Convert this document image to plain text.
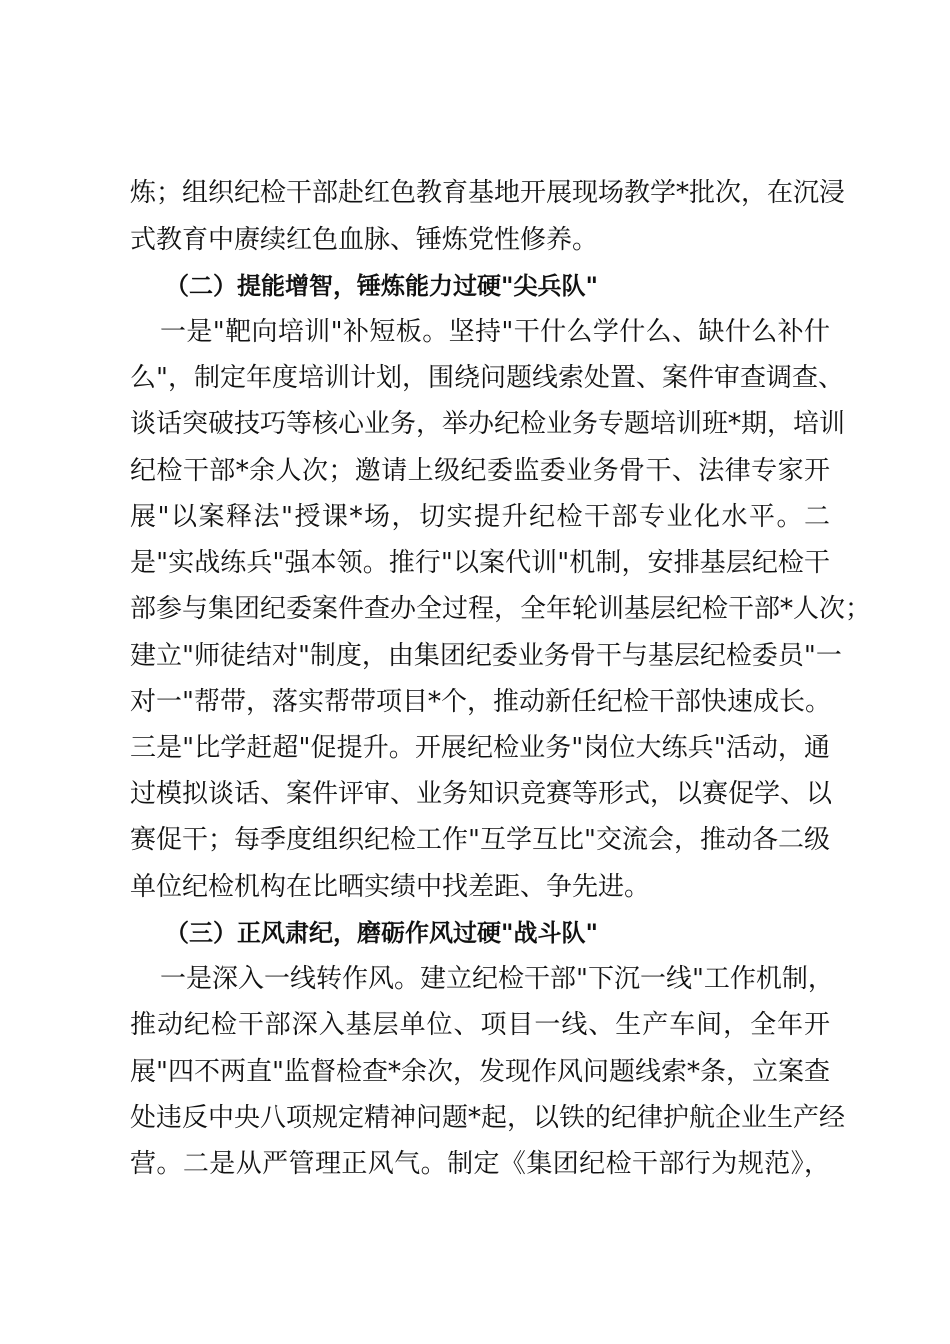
炼；组织纪检干部赴红色教育基地开展现场教学*批次，在沉浸
式教育中赓续红色血脉、锤炼党性修养。
（二）提能增智，锤炼能力过硬"尖兵队"
一是"靶向培训"补短板。坚持"干什么学什么、缺什么补什
么"，制定年度培训计划，围绕问题线索处置、案件审查调查、
谈话突破技巧等核心业务，举办纪检业务专题培训班*期，培训
纪检干部*余人次；邀请上级纪委监委业务骨干、法律专家开
展"以案释法"授课*场，切实提升纪检干部专业化水平。二
是"实战练兵"强本领。推行"以案代训"机制，安排基层纪检干
部参与集团纪委案件查办全过程，全年轮训基层纪检干部*人次；
建立"师徒结对"制度，由集团纪委业务骨干与基层纪检委员"一
对一"帮带，落实帮带项目*个，推动新任纪检干部快速成长。
三是"比学赶超"促提升。开展纪检业务"岗位大练兵"活动，通
过模拟谈话、案件评审、业务知识竞赛等形式，以赛促学、以
赛促干；每季度组织纪检工作"互学互比"交流会，推动各二级
单位纪检机构在比晒实绩中找差距、争先进。
（三）正风肃纪，磨砺作风过硬"战斗队"
一是深入一线转作风。建立纪检干部"下沉一线"工作机制，
推动纪检干部深入基层单位、项目一线、生产车间，全年开
展"四不两直"监督检查*余次，发现作风问题线索*条，立案查
处违反中央八项规定精神问题*起，以铁的纪律护航企业生产经
营。二是从严管理正风气。制定《集团纪检干部行为规范》，
